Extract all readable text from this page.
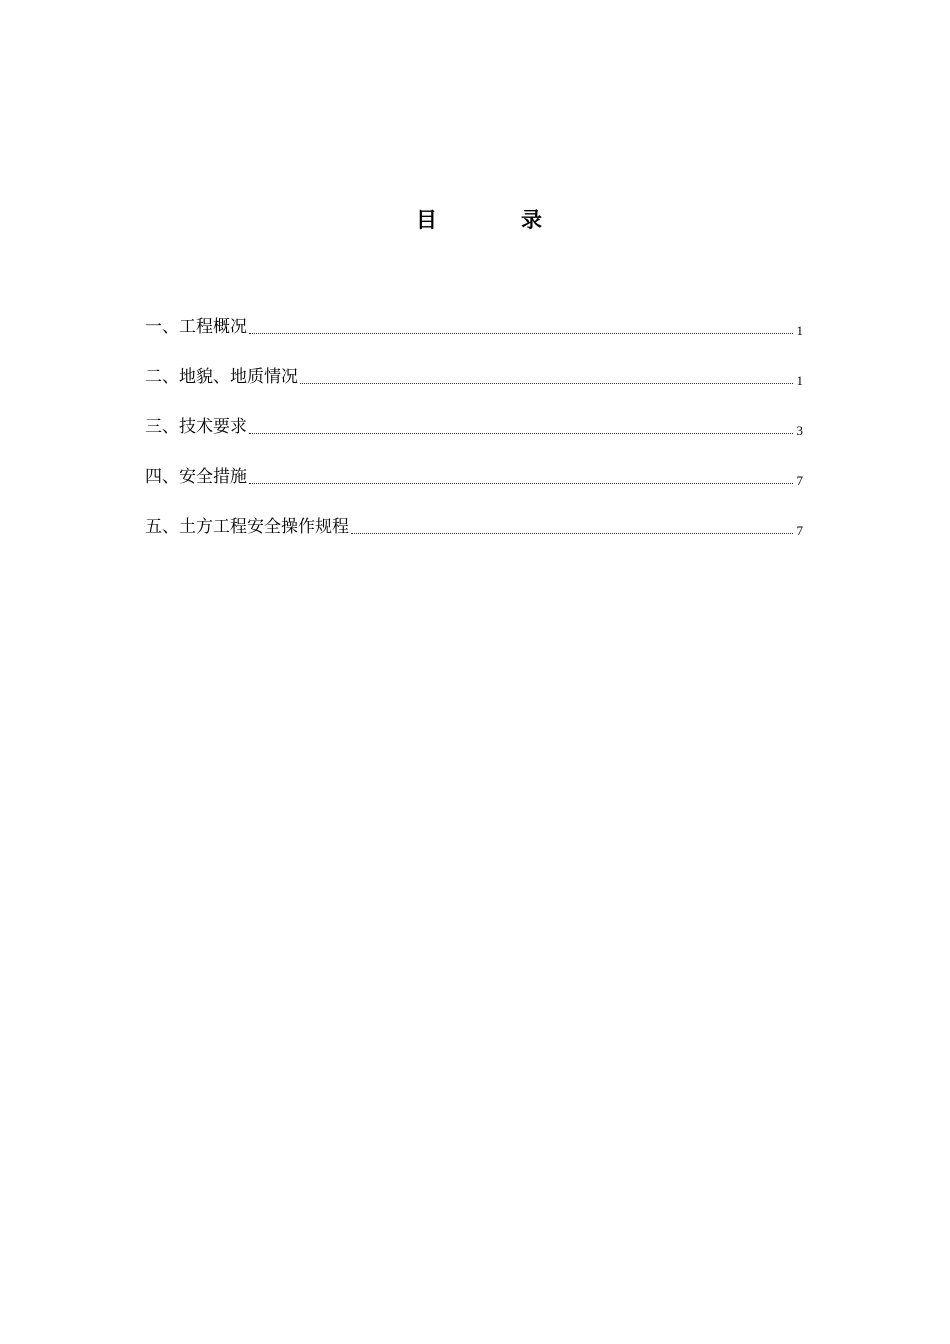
目	录
一、工程概况	1
二、地貌、地质情况	1
三、技术要求	3
四、安全措施	7
五、土方工程安全操作规程	7
